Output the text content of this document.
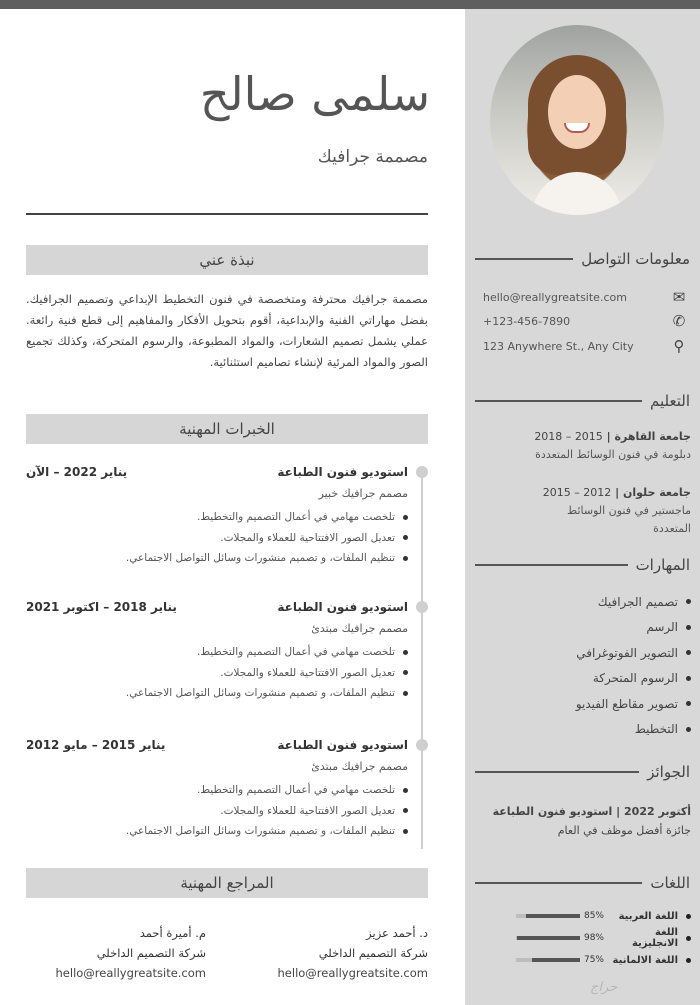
معلومات التواصل
✉
hello@reallygreatsite.com
✆
+123-456-7890
⚲
123 Anywhere St., Any City
التعليم
جامعة القاهرة | 2015 – 2018
دبلومة في فنون الوسائط المتعددة
جامعة حلوان | 2012 – 2015
ماجستير في فنون الوسائط المتعددة
المهارات
تصميم الجرافيك
الرسم
التصوير الفوتوغرافي
الرسوم المتحركة
تصوير مقاطع الفيديو
التخطيط
الجوائز
أكتوبر 2022 | استوديو فنون الطباعة
جائزة أفضل موظف في العام
اللغات
اللغة العربية
85%
اللغة الانجليزية
98%
اللغة الالمانية
75%
سلمى صالح
مصممة جرافيك
نبذة عني

مصممة جرافيك محترفة ومتخصصة في فنون التخطيط الإبداعي وتصميم الجرافيك. بفضل مهاراتي الفنية والإبداعية، أقوم بتحويل الأفكار والمفاهيم إلى قطع فنية رائعة. عملي يشمل تصميم الشعارات، والمواد المطبوعة، والرسوم المتحركة، وكذلك تجميع الصور والمواد المرئية لإنشاء تصاميم استثنائية.

الخبرات المهنية
استوديو فنون الطباعة
يناير 2022 – الآن
مصمم جرافيك خبير
تلخصت مهامي في أعمال التصميم والتخطيط.
تعديل الصور الافتتاحية للعملاء والمجلات.
تنظيم الملفات، و تصميم منشورات وسائل التواصل الاجتماعي.
استوديو فنون الطباعة
يناير 2018 – اكتوبر 2021
مصمم جرافيك مبتدئ
تلخصت مهامي في أعمال التصميم والتخطيط.
تعديل الصور الافتتاحية للعملاء والمجلات.
تنظيم الملفات، و تصميم منشورات وسائل التواصل الاجتماعي.
استوديو فنون الطباعة
يناير 2015 – مايو 2012
مصمم جرافيك مبتدئ
تلخصت مهامي في أعمال التصميم والتخطيط.
تعديل الصور الافتتاحية للعملاء والمجلات.
تنظيم الملفات، و تصميم منشورات وسائل التواصل الاجتماعي.
المراجع المهنية
د. أحمد عزيز
شركة التصميم الداخلي
hello@reallygreatsite.com
م. أميرة أحمد
شركة التصميم الداخلي
hello@reallygreatsite.com
حراج
